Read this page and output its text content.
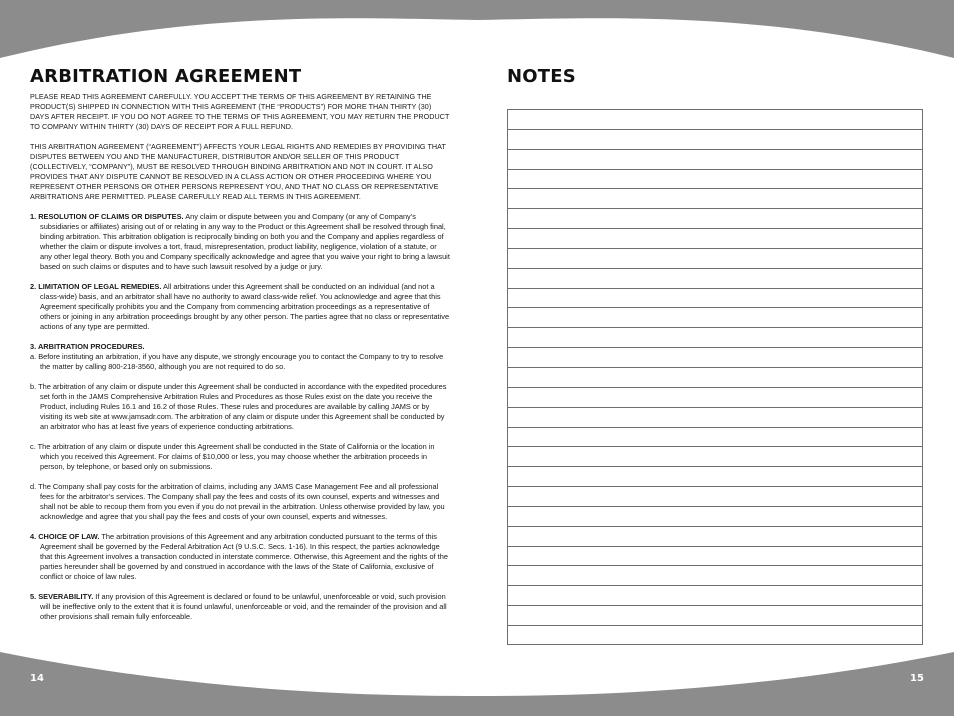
ARBITRATION AGREEMENT

PLEASE READ THIS AGREEMENT CAREFULLY. YOU ACCEPT THE TERMS OF THIS AGREEMENT BY RETAINING THE PRODUCT(S) SHIPPED IN CONNECTION WITH THIS AGREEMENT (THE “PRODUCTS”) FOR MORE THAN THIRTY (30) DAYS AFTER RECEIPT. IF YOU DO NOT AGREE TO THE TERMS OF THIS AGREEMENT, YOU MAY RETURN THE PRODUCT TO COMPANY WITHIN THIRTY (30) DAYS OF RECEIPT FOR A FULL REFUND.

THIS ARBITRATION AGREEMENT (“AGREEMENT”) AFFECTS YOUR LEGAL RIGHTS AND REMEDIES BY PROVIDING THAT DISPUTES BETWEEN YOU AND THE MANUFACTURER, DISTRIBUTOR AND/OR SELLER OF THIS PRODUCT (COLLECTIVELY, “COMPANY”), MUST BE RESOLVED THROUGH BINDING ARBITRATION AND NOT IN COURT. IT ALSO PROVIDES THAT ANY DISPUTE CANNOT BE RESOLVED IN A CLASS ACTION OR OTHER PROCEEDING WHERE YOU REPRESENT OTHER PERSONS OR OTHER PERSONS REPRESENT YOU, AND THAT NO CLASS OR REPRESENTATIVE ARBITRATIONS ARE PERMITTED. PLEASE CAREFULLY READ ALL TERMS IN THIS AGREEMENT.

1. RESOLUTION OF CLAIMS OR DISPUTES. Any claim or dispute between you and Company (or any of Company’s subsidiaries or affiliates) arising out of or relating in any way to the Product or this Agreement shall be resolved through final, binding arbitration. This arbitration obligation is reciprocally binding on both you and the Company and applies regardless of whether the claim or dispute involves a tort, fraud, misrepresentation, product liability, negligence, violation of a statute, or any other legal theory. Both you and Company specifically acknowledge and agree that you waive your right to bring a lawsuit based on such claims or disputes and to have such lawsuit resolved by a judge or jury.

2. LIMITATION OF LEGAL REMEDIES. All arbitrations under this Agreement shall be conducted on an individual (and not a class-wide) basis, and an arbitrator shall have no authority to award class-wide relief. You acknowledge and agree that this Agreement specifically prohibits you and the Company from commencing arbitration proceedings as a representative of others or joining in any arbitration proceedings brought by any other person. The parties agree that no class or representative actions of any type are permitted.

3. ARBITRATION PROCEDURES.

a. Before instituting an arbitration, if you have any dispute, we strongly encourage you to contact the Company to try to resolve the matter by calling 800-218-3560, although you are not required to do so.

b. The arbitration of any claim or dispute under this Agreement shall be conducted in accordance with the expedited procedures set forth in the JAMS Comprehensive Arbitration Rules and Procedures as those Rules exist on the date you receive the Product, including Rules 16.1 and 16.2 of those Rules. These rules and procedures are available by calling JAMS or by visiting its web site at www.jamsadr.com. The arbitration of any claim or dispute under this Agreement shall be conducted by an arbitrator who has at least five years of experience conducting arbitrations.

c. The arbitration of any claim or dispute under this Agreement shall be conducted in the State of California or the location in which you received this Agreement. For claims of $10,000 or less, you may choose whether the arbitration proceeds in person, by telephone, or based only on submissions.

d. The Company shall pay costs for the arbitration of claims, including any JAMS Case Management Fee and all professional fees for the arbitrator’s services. The Company shall pay the fees and costs of its own counsel, experts and witnesses and shall not be able to recoup them from you even if you do not prevail in the arbitration. Unless otherwise provided by law, you acknowledge and agree that you shall pay the fees and costs of your own counsel, experts and witnesses.

4. CHOICE OF LAW. The arbitration provisions of this Agreement and any arbitration conducted pursuant to the terms of this Agreement shall be governed by the Federal Arbitration Act (9 U.S.C. Secs. 1-16). In this respect, the parties acknowledge that this Agreement involves a transaction conducted in interstate commerce. Otherwise, this Agreement and the rights of the parties hereunder shall be governed by and construed in accordance with the laws of the State of California, exclusive of conflict or choice of law rules.

5. SEVERABILITY. If any provision of this Agreement is declared or found to be unlawful, unenforceable or void, such provision will be ineffective only to the extent that it is found unlawful, unenforceable or void, and the remainder of the provision and all other provisions shall remain fully enforceable.

NOTES
14	15
